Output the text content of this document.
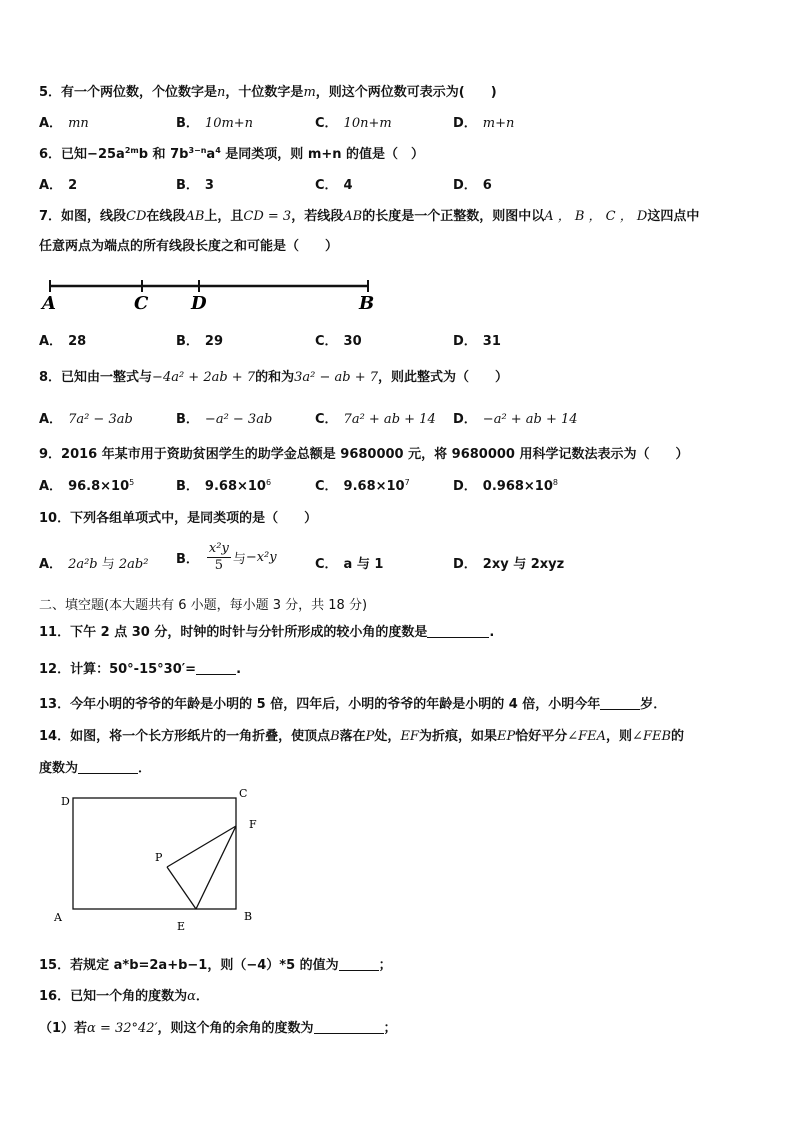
5．有一个两位数，个位数字是n，十位数字是m，则这个两位数可表示为(　　)
A． mn	B． 10m+n	C． 10n+m	D． m+n
6．已知$-25a^{2m}b$ 和 $7b^{3-n}a^4$ 是同类项，则 m+n 的值是（　）
A． 2	B． 3	C． 4	D． 6
7．如图，线段CD在线段AB上，且CD = 3，若线段AB的长度是一个正整数，则图中以A ， B ， C ， D这四点中
任意两点为端点的所有线段长度之和可能是（　　）
A	C D	B
A． 28	B． 29	C． 30	D． 31
8．已知由一整式与−4a² + 2ab + 7的和为3a² − ab + 7，则此整式为（　　）
A． 7a² − 3ab	B． −a² − 3ab	C． 7a² + ab + 14 D． −a² + ab + 14
9．2016 年某市用于资助贫困学生的助学金总额是 9680000 元，将 9680000 用科学记数法表示为（　　）
A． $96.8\times 10^5$	B． $9.68\times 10^6$	C． $9.68\times 10^7$	D． $0.968\times 10^8$
10．下列各组单项式中，是同类项的是（　　）
A． 2a²b 与 2ab² B． $\frac{\text{x²y}}{5}$ 与−x²y	C． a 与 1	D． 2xy 与 2xyz
二、填空题(本大题共有 6 小题，每小题 3 分，共 18 分)
11．下午 2 点 30 分，时钟的时针与分针所形成的较小角的度数是	.
12．计算：50°-15°30′=	.
13．今年小明的爷爷的年龄是小明的 5 倍，四年后，小明的爷爷的年龄是小明的 4 倍，小明今年	岁．
14．如图，将一个长方形纸片的一角折叠，使顶点B落在P处，EF为折痕，如果EP恰好平分∠FEA，则∠FEB的
度数为	．
D
C
F
P
A
E
B
15．若规定 a*b=2a+b−1，则（−4）*5 的值为	；
16．已知一个角的度数为α．
（1）若α = 32°42′，则这个角的余角的度数为	；
